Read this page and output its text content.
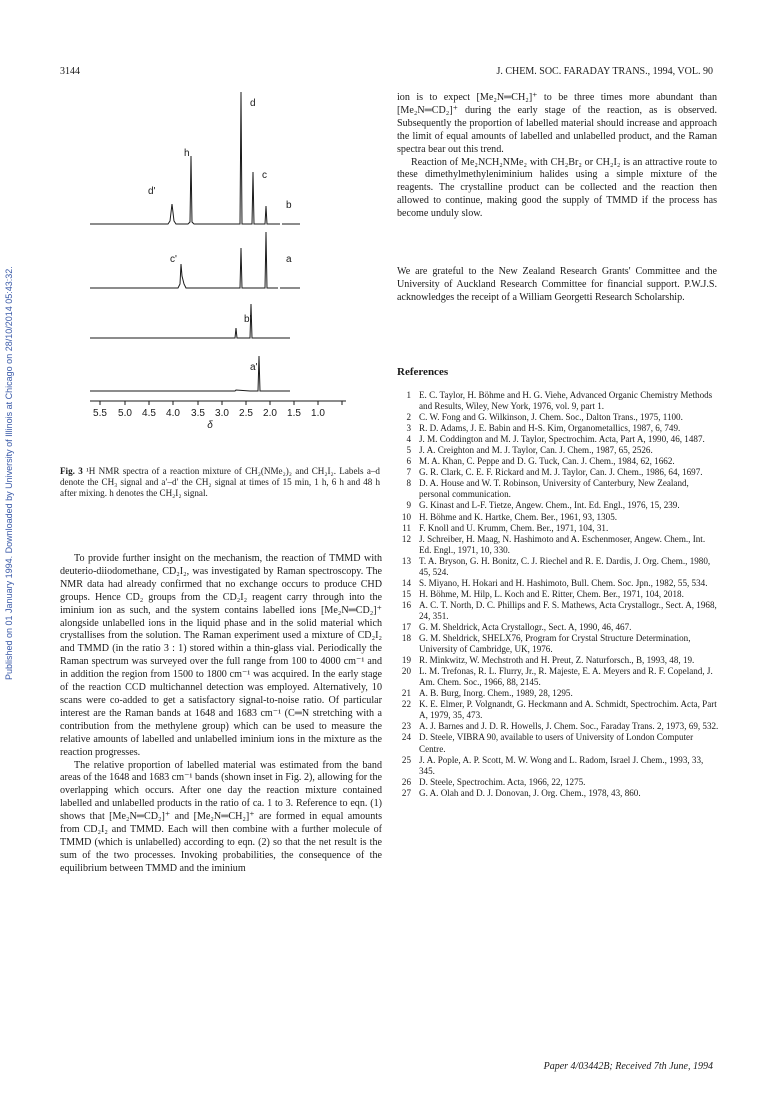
3144	J. CHEM. SOC. FARADAY TRANS., 1994, VOL. 90
Published on 01 January 1994. Downloaded by University of Illinois at Chicago on 28/10/2014 05:43:32.
d
h
c
d'
b
c'	a
b'
a'
5.5 5.0 4.5 4.0 3.5 3.0 2.5 2.0 1.5 1.0
δ
Fig. 3 ¹H NMR spectra of a reaction mixture of CH₂(NMe₂)₂ and CH₂I₂. Labels a–d denote the CH₃ signal and a′–d′ the CH₂ signal at times of 15 min, 1 h, 6 h and 48 h after mixing. h denotes the CH₂I₂ signal.

To provide further insight on the mechanism, the reaction of TMMD with deuterio-diiodomethane, CD₂I₂, was investigated by Raman spectroscopy. The NMR data had already confirmed that no exchange occurs to produce CHD groups. Hence CD₂ groups from the CD₂I₂ reagent carry through into the iminium ion as such, and the system contains labelled ions [Me₂N═CD₂]⁺ alongside unlabelled ions in the liquid phase and in the solid material which crystallises from the solution. The Raman experiment used a mixture of CD₂I₂ and TMMD (in the ratio 3 : 1) stored within a thin-glass vial. Periodically the Raman spectrum was surveyed over the full range from 100 to 4000 cm⁻¹ and in addition the region from 1500 to 1800 cm⁻¹ was acquired. In the early stage of the reaction CCD multichannel detection was employed. Alternatively, 10 scans were co-added to get a satisfactory signal-to-noise ratio. Of particular interest are the Raman bands at 1648 and 1683 cm⁻¹ (C═N stretching with a contribution from the methylene group) which can be used to measure the relative amounts of labelled and unlabelled iminium ions in the mixture as the reaction progresses.

The relative proportion of labelled material was estimated from the band areas of the 1648 and 1683 cm⁻¹ bands (shown inset in Fig. 2), allowing for the overlapping which occurs. After one day the reaction mixture contained labelled and unlabelled products in the ratio of ca. 1 to 3. Reference to eqn. (1) shows that [Me₂N═CD₂]⁺ and [Me₂N═CH₂]⁺ are formed in equal amounts from CD₂I₂ and TMMD. Each will then combine with a further molecule of TMMD (which is unlabelled) according to eqn. (2) so that the net result is the sum of the two processes. Invoking probabilities, the consequence of the equilibrium between TMMD and the iminium

ion is to expect [Me₂N═CH₂]⁺ to be three times more abundant than [Me₂N═CD₂]⁺ during the early stage of the reaction, as is observed. Subsequently the proportion of labelled material should increase and approach the limit of equal amounts of labelled and unlabelled product, and the Raman spectra bear out this trend.

Reaction of Me₂NCH₂NMe₂ with CH₂Br₂ or CH₂I₂ is an attractive route to these dimethylmethyleniminium halides using a simple mixture of the reagents. The crystalline product can be collected and the reaction then allowed to continue, making good the supply of TMMD if the process has become unduly slow.

We are grateful to the New Zealand Research Grants' Committee and the University of Auckland Research Committee for financial support. P.W.J.S. acknowledges the receipt of a William Georgetti Research Scholarship.

References
1 E. C. Taylor, H. Böhme and H. G. Viehe, Advanced Organic Chemistry Methods and Results, Wiley, New York, 1976, vol. 9, part 1.
2 C. W. Fong and G. Wilkinson, J. Chem. Soc., Dalton Trans., 1975, 1100.
3 R. D. Adams, J. E. Babin and H-S. Kim, Organometallics, 1987, 6, 749.
4 J. M. Coddington and M. J. Taylor, Spectrochim. Acta, Part A, 1990, 46, 1487.
5 J. A. Creighton and M. J. Taylor, Can. J. Chem., 1987, 65, 2526.
6 M. A. Khan, C. Peppe and D. G. Tuck, Can. J. Chem., 1984, 62, 1662.
7 G. R. Clark, C. E. F. Rickard and M. J. Taylor, Can. J. Chem., 1986, 64, 1697.
8 D. A. House and W. T. Robinson, University of Canterbury, New Zealand, personal communication.
9 G. Kinast and L-F. Tietze, Angew. Chem., Int. Ed. Engl., 1976, 15, 239.
10 H. Böhme and K. Hartke, Chem. Ber., 1961, 93, 1305.
11 F. Knoll and U. Krumm, Chem. Ber., 1971, 104, 31.
12 J. Schreiber, H. Maag, N. Hashimoto and A. Eschenmoser, Angew. Chem., Int. Ed. Engl., 1971, 10, 330.
13 T. A. Bryson, G. H. Bonitz, C. J. Riechel and R. E. Dardis, J. Org. Chem., 1980, 45, 524.
14 S. Miyano, H. Hokari and H. Hashimoto, Bull. Chem. Soc. Jpn., 1982, 55, 534.
15 H. Böhme, M. Hilp, L. Koch and E. Ritter, Chem. Ber., 1971, 104, 2018.
16 A. C. T. North, D. C. Phillips and F. S. Mathews, Acta Crystallogr., Sect. A, 1968, 24, 351.
17 G. M. Sheldrick, Acta Crystallogr., Sect. A, 1990, 46, 467.
18 G. M. Sheldrick, SHELX76, Program for Crystal Structure Determination, University of Cambridge, UK, 1976.
19 R. Minkwitz, W. Mechstroth and H. Preut, Z. Naturforsch., B, 1993, 48, 19.
20 L. M. Trefonas, R. L. Flurry, Jr., R. Majeste, E. A. Meyers and R. F. Copeland, J. Am. Chem. Soc., 1966, 88, 2145.
21 A. B. Burg, Inorg. Chem., 1989, 28, 1295.
22 K. E. Elmer, P. Volgnandt, G. Heckmann and A. Schmidt, Spectrochim. Acta, Part A, 1979, 35, 473.
23 A. J. Barnes and J. D. R. Howells, J. Chem. Soc., Faraday Trans. 2, 1973, 69, 532.
24 D. Steele, VIBRA 90, available to users of University of London Computer Centre.
25 J. A. Pople, A. P. Scott, M. W. Wong and L. Radom, Israel J. Chem., 1993, 33, 345.
26 D. Steele, Spectrochim. Acta, 1966, 22, 1275.
27 G. A. Olah and D. J. Donovan, J. Org. Chem., 1978, 43, 860.
Paper 4/03442B; Received 7th June, 1994
